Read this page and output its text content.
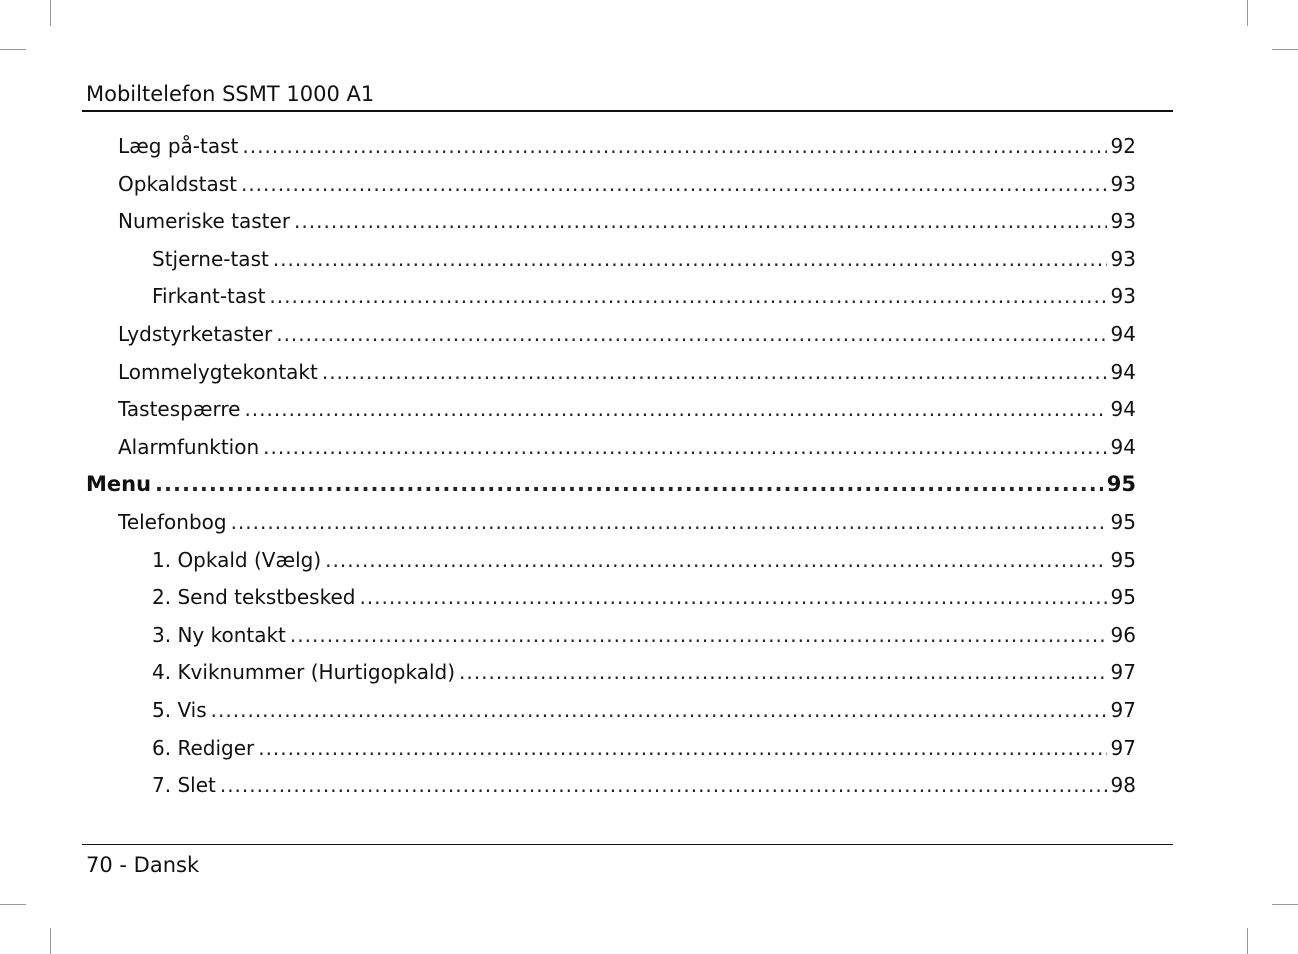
Mobiltelefon SSMT 1000 A1
Læg på-tast .....	92
Opkaldstast .....	93
Numeriske taster .....	93
Stjerne-tast .....	93
Firkant-tast .....	93
Lydstyrketaster .....	94
Lommelygtekontakt .....	94
Tastespærre .....	94
Alarmfunktion .....	94
Menu .....	95
Telefonbog .....	95
1. Opkald (Vælg) .....	95
2. Send tekstbesked .....	95
3. Ny kontakt .....	96
4. Kviknummer (Hurtigopkald) .....	97
5. Vis .....	97
6. Rediger .....	97
7. Slet .....	98
70 - Dansk
